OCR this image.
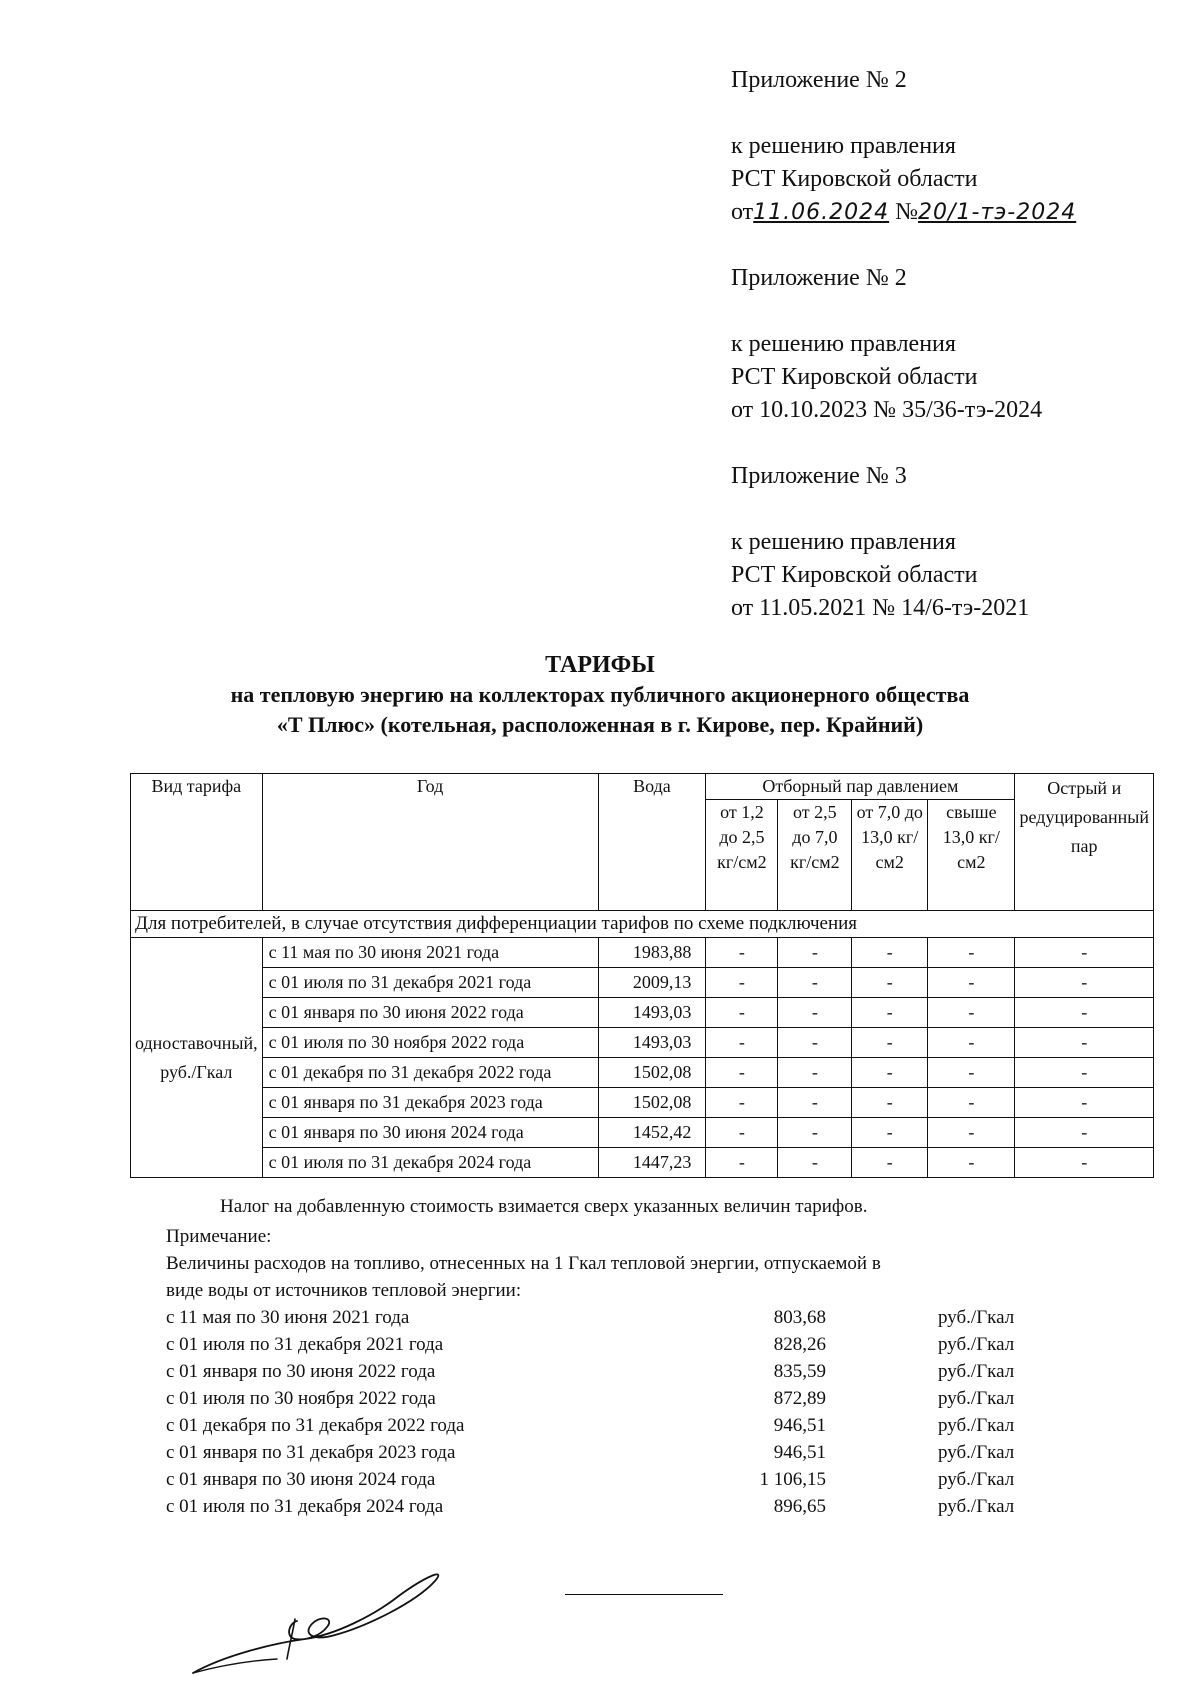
Приложение № 2

к решению правления

РСТ Кировской области

от11.06.2024 №20/1-тэ-2024

Приложение № 2

к решению правления

РСТ Кировской области

от 10.10.2023 № 35/36-тэ-2024

Приложение № 3

к решению правления

РСТ Кировской области

от 11.05.2021 № 14/6-тэ-2021

ТАРИФЫ
на тепловую энергию на коллекторах публичного акционерного общества
«Т Плюс» (котельная, расположенная в г. Кирове, пер. Крайний)
Вид тарифа	Год	Вода	Отборный пар давлением				Острый и редуцированный пар
			от 1,2 до 2,5 кг/см2	от 2,5 до 7,0 кг/см2	от 7,0 до 13,0 кг/см2	свыше 13,0 кг/см2	
Для потребителей, в случае отсутствия дифференциации тарифов по схеме подключения							
одноставочный, руб./Гкал	с 11 мая по 30 июня 2021 года	1983,88	-	-	-	-	-
	с 01 июля по 31 декабря 2021 года	2009,13	-	-	-	-	-
	с 01 января по 30 июня 2022 года	1493,03	-	-	-	-	-
	с 01 июля по 30 ноября 2022 года	1493,03	-	-	-	-	-
	с 01 декабря по 31 декабря 2022 года	1502,08	-	-	-	-	-
	с 01 января по 31 декабря 2023 года	1502,08	-	-	-	-	-
	с 01 января по 30 июня 2024 года	1452,42	-	-	-	-	-
	с 01 июля по 31 декабря 2024 года	1447,23	-	-	-	-	-
Налог на добавленную стоимость взимается сверх указанных величин тарифов.
Примечание:
Величины расходов на топливо, отнесенных на 1 Гкал тепловой энергии, отпускаемой в
виде воды от источников тепловой энергии:
с 11 мая по 30 июня 2021 года	803,68	руб./Гкал
с 01 июля по 31 декабря 2021 года	828,26	руб./Гкал
с 01 января по 30 июня 2022 года	835,59	руб./Гкал
с 01 июля по 30 ноября 2022 года	872,89	руб./Гкал
с 01 декабря по 31 декабря 2022 года	946,51	руб./Гкал
с 01 января по 31 декабря 2023 года	946,51	руб./Гкал
с 01 января по 30 июня 2024 года	1 106,15	руб./Гкал
с 01 июля по 31 декабря 2024 года	896,65	руб./Гкал
